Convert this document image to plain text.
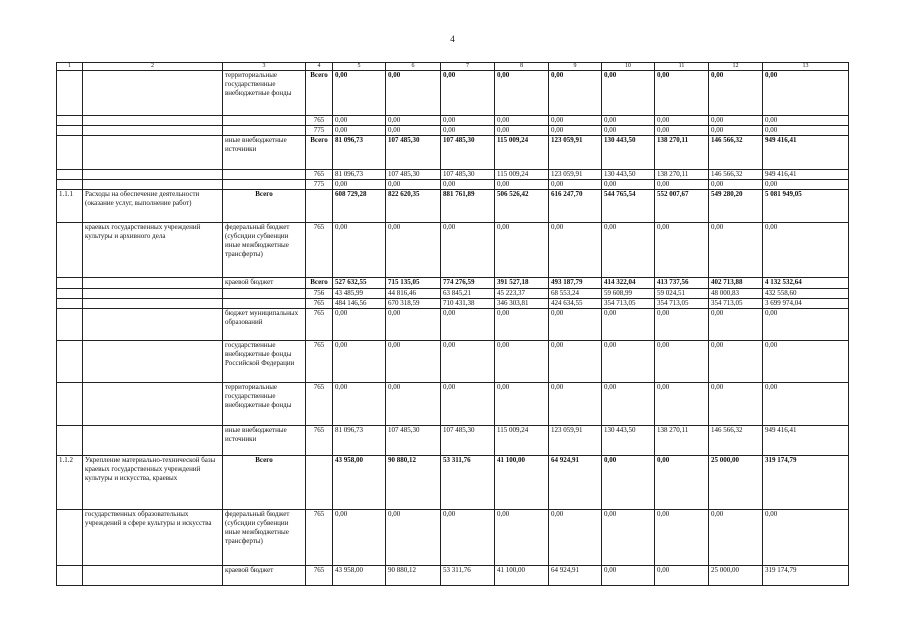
4
1	2	3	4	5	6	7	8	9	10	11	12	13
		территориальные государственные внебюджетные фонды	Всего	0,00	0,00	0,00	0,00	0,00	0,00	0,00	0,00	0,00
			765	0,00	0,00	0,00	0,00	0,00	0,00	0,00	0,00	0,00
			775	0,00	0,00	0,00	0,00	0,00	0,00	0,00	0,00	0,00
		иные внебюджетные источники	Всего	81 096,73	107 485,30	107 485,30	115 009,24	123 059,91	130 443,50	138 270,11	146 566,32	949 416,41
			765	81 096,73	107 485,30	107 485,30	115 009,24	123 059,91	130 443,50	138 270,11	146 566,32	949 416,41
			775	0,00	0,00	0,00	0,00	0,00	0,00	0,00	0,00	0,00
1.1.1	Расходы на обеспечение деятельности (оказание услуг, выполнение работ)	Всего		608 729,28	822 620,35	881 761,89	506 526,42	616 247,70	544 765,54	552 007,67	549 280,20	5 081 949,05
	краевых государственных учреждений культуры и архивного дела	федеральный бюджет (субсидии субвенции иные межбюджетные трансферты)	765	0,00	0,00	0,00	0,00	0,00	0,00	0,00	0,00	0,00
		краевой бюджет	Всего	527 632,55	715 135,05	774 276,59	391 527,18	493 187,79	414 322,04	413 737,56	402 713,88	4 132 532,64
			756	43 485,99	44 816,46	63 845,21	45 223,37	68 553,24	59 608,99	59 024,51	48 000,83	432 558,60
			765	484 146,56	670 318,59	710 431,38	346 303,81	424 634,55	354 713,05	354 713,05	354 713,05	3 699 974,04
		бюджет муниципальных образований	765	0,00	0,00	0,00	0,00	0,00	0,00	0,00	0,00	0,00
		государственные внебюджетные фонды Российской Федерации	765	0,00	0,00	0,00	0,00	0,00	0,00	0,00	0,00	0,00
		территориальные государственные внебюджетные фонды	765	0,00	0,00	0,00	0,00	0,00	0,00	0,00	0,00	0,00
		иные внебюджетные источники	765	81 096,73	107 485,30	107 485,30	115 009,24	123 059,91	130 443,50	138 270,11	146 566,32	949 416,41
1.1.2	Укрепление материально-технической базы краевых государственных учреждений культуры и искусства, краевых	Всего		43 958,00	90 880,12	53 311,76	41 100,00	64 924,91	0,00	0,00	25 000,00	319 174,79
	государственных образовательных учреждений в сфере культуры и искусства	федеральный бюджет (субсидии субвенции иные межбюджетные трансферты)	765	0,00	0,00	0,00	0,00	0,00	0,00	0,00	0,00	0,00
		краевой бюджет	765	43 958,00	90 880,12	53 311,76	41 100,00	64 924,91	0,00	0,00	25 000,00	319 174,79
